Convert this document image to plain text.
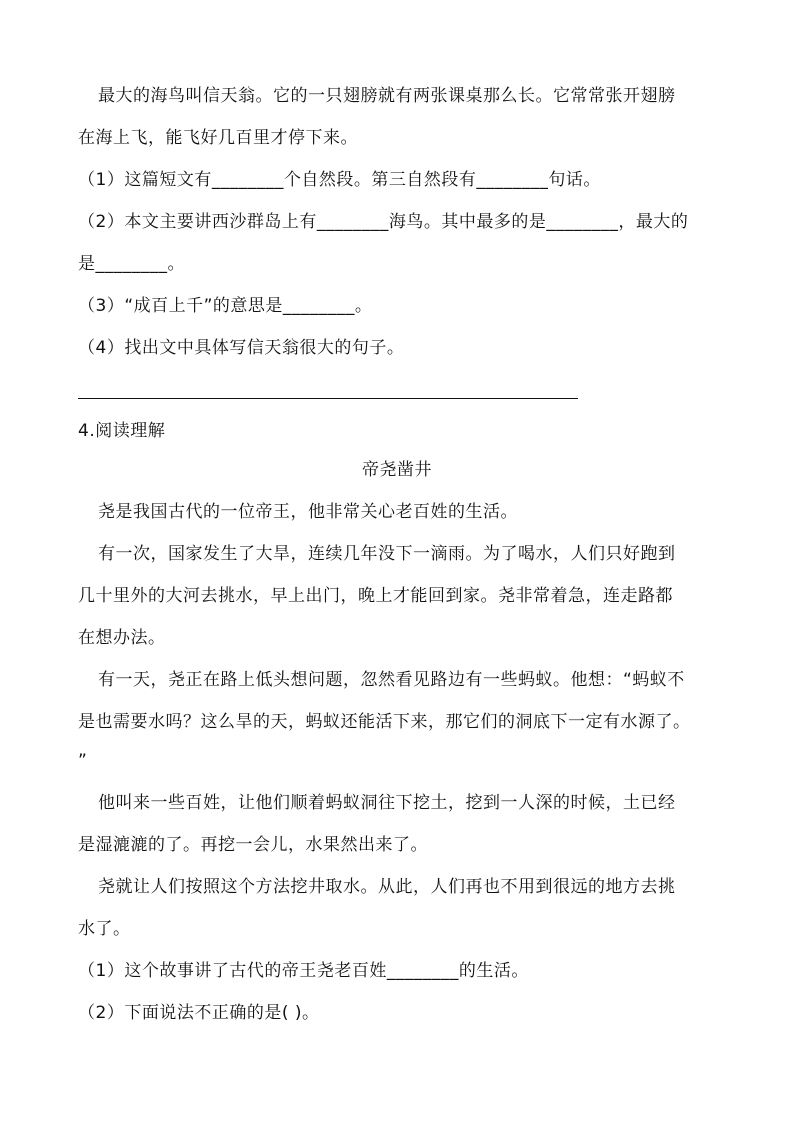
最大的海鸟叫信天翁。它的一只翅膀就有两张课桌那么长。它常常张开翅膀
在海上飞，能飞好几百里才停下来。
（1）这篇短文有________个自然段。第三自然段有________句话。
（2）本文主要讲西沙群岛上有________海鸟。其中最多的是________，最大的
是________。
（3）“成百上千”的意思是________。
（4）找出文中具体写信天翁很大的句子。
4.阅读理解
帝尧凿井
尧是我国古代的一位帝王，他非常关心老百姓的生活。
有一次，国家发生了大旱，连续几年没下一滴雨。为了喝水，人们只好跑到
几十里外的大河去挑水，早上出门，晚上才能回到家。尧非常着急，连走路都
在想办法。
有一天，尧正在路上低头想问题，忽然看见路边有一些蚂蚁。他想：“蚂蚁不
是也需要水吗？这么旱的天，蚂蚁还能活下来，那它们的洞底下一定有水源了。
”
他叫来一些百姓，让他们顺着蚂蚁洞往下挖土，挖到一人深的时候，土已经
是湿漉漉的了。再挖一会儿，水果然出来了。
尧就让人们按照这个方法挖井取水。从此，人们再也不用到很远的地方去挑
水了。
（1）这个故事讲了古代的帝王尧老百姓________的生活。
（2）下面说法不正确的是( )。
